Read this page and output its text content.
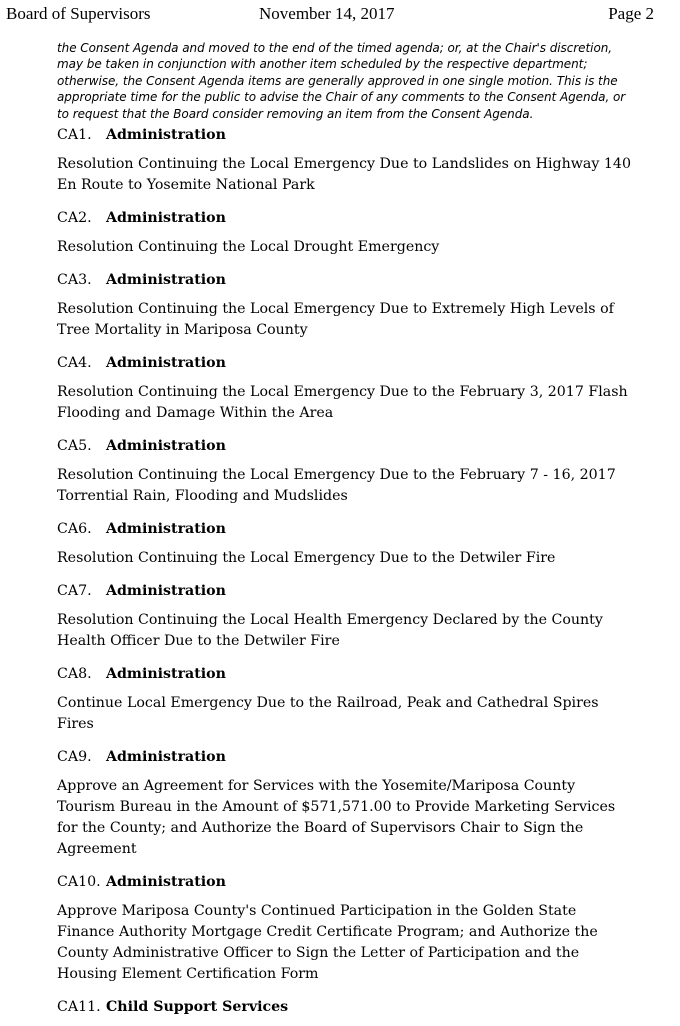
Board of Supervisors	November 14, 2017	Page 2
the Consent Agenda and moved to the end of the timed agenda; or, at the Chair's discretion,
may be taken in conjunction with another item scheduled by the respective department;
otherwise, the Consent Agenda items are generally approved in one single motion. This is the
appropriate time for the public to advise the Chair of any comments to the Consent Agenda, or
to request that the Board consider removing an item from the Consent Agenda.
CA1. Administration
Resolution Continuing the Local Emergency Due to Landslides on Highway 140
En Route to Yosemite National Park
CA2. Administration
Resolution Continuing the Local Drought Emergency
CA3. Administration
Resolution Continuing the Local Emergency Due to Extremely High Levels of
Tree Mortality in Mariposa County
CA4. Administration
Resolution Continuing the Local Emergency Due to the February 3, 2017 Flash
Flooding and Damage Within the Area
CA5. Administration
Resolution Continuing the Local Emergency Due to the February 7 - 16, 2017
Torrential Rain, Flooding and Mudslides
CA6. Administration
Resolution Continuing the Local Emergency Due to the Detwiler Fire
CA7. Administration
Resolution Continuing the Local Health Emergency Declared by the County
Health Officer Due to the Detwiler Fire
CA8. Administration
Continue Local Emergency Due to the Railroad, Peak and Cathedral Spires
Fires
CA9. Administration
Approve an Agreement for Services with the Yosemite/Mariposa County
Tourism Bureau in the Amount of $571,571.00 to Provide Marketing Services
for the County; and Authorize the Board of Supervisors Chair to Sign the
Agreement
CA10. Administration
Approve Mariposa County's Continued Participation in the Golden State
Finance Authority Mortgage Credit Certificate Program; and Authorize the
County Administrative Officer to Sign the Letter of Participation and the
Housing Element Certification Form
CA11. Child Support Services
